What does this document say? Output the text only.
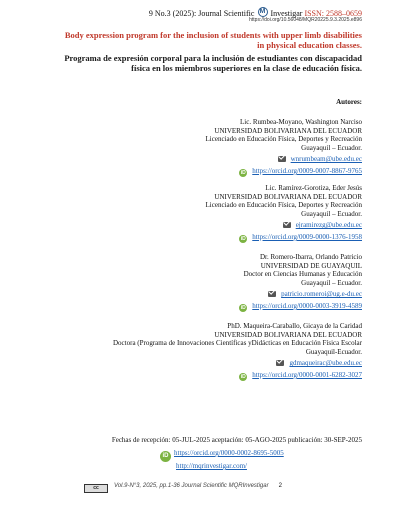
9 No.3 (2025): Journal Scientific M Investigar ISSN: 2588–0659
https://doi.org/10.56048/MQR20225.9.3.2025.e896
Body expression program for the inclusion of students with upper limb disabilities in physical education classes.
Programa de expresión corporal para la inclusión de estudiantes con discapacidad física en los miembros superiores en la clase de educación física.
Autores:
Lic. Rumbea-Moyano, Washington Narciso
UNIVERSIDAD BOLIVARIANA DEL ECUADOR
Licenciado en Educación Física, Deportes y Recreación
Guayaquil – Ecuador.
wnrumbeam@ube.edu.ec
iD https://orcid.org/0009-0007-8867-9765
Lic. Ramírez-Gorotiza, Eder Jesús
UNIVERSIDAD BOLIVARIANA DEL ECUADOR
Licenciado en Educación Física, Deportes y Recreación
Guayaquil – Ecuador.
ejramirezg@ube.edu.ec
iD https://orcid.org/0009-0000-1376-1958
Dr. Romero-Ibarra, Orlando Patricio
UNIVERSIDAD DE GUAYAQUIL
Doctor en Ciencias Humanas y Educación
Guayaquil – Ecuador.
patricio.romeroi@ug.e-du.ec
iD https://orcid.org/0000-0003-3919-4589
PhD. Maqueira-Caraballo, Gicaya de la Caridad
UNIVERSIDAD BOLIVARIANA DEL ECUADOR
Doctora (Programa de Innovaciones Científicas yDidácticas en Educación Física Escolar
Guayaquil-Ecuador.
gdmaqueirac@ube.edu.ec
iD https://orcid.org/0000-0001-6282-3027
Fechas de recepción: 05-JUL-2025 aceptación: 05-AGO-2025 publicación: 30-SEP-2025
iD https://orcid.org/0000-0002-8695-5005
http://mqrinvestigar.com/
cc	Vol.9-N°3, 2025, pp.1-36 Journal Scientific MQRInvestigar 2
